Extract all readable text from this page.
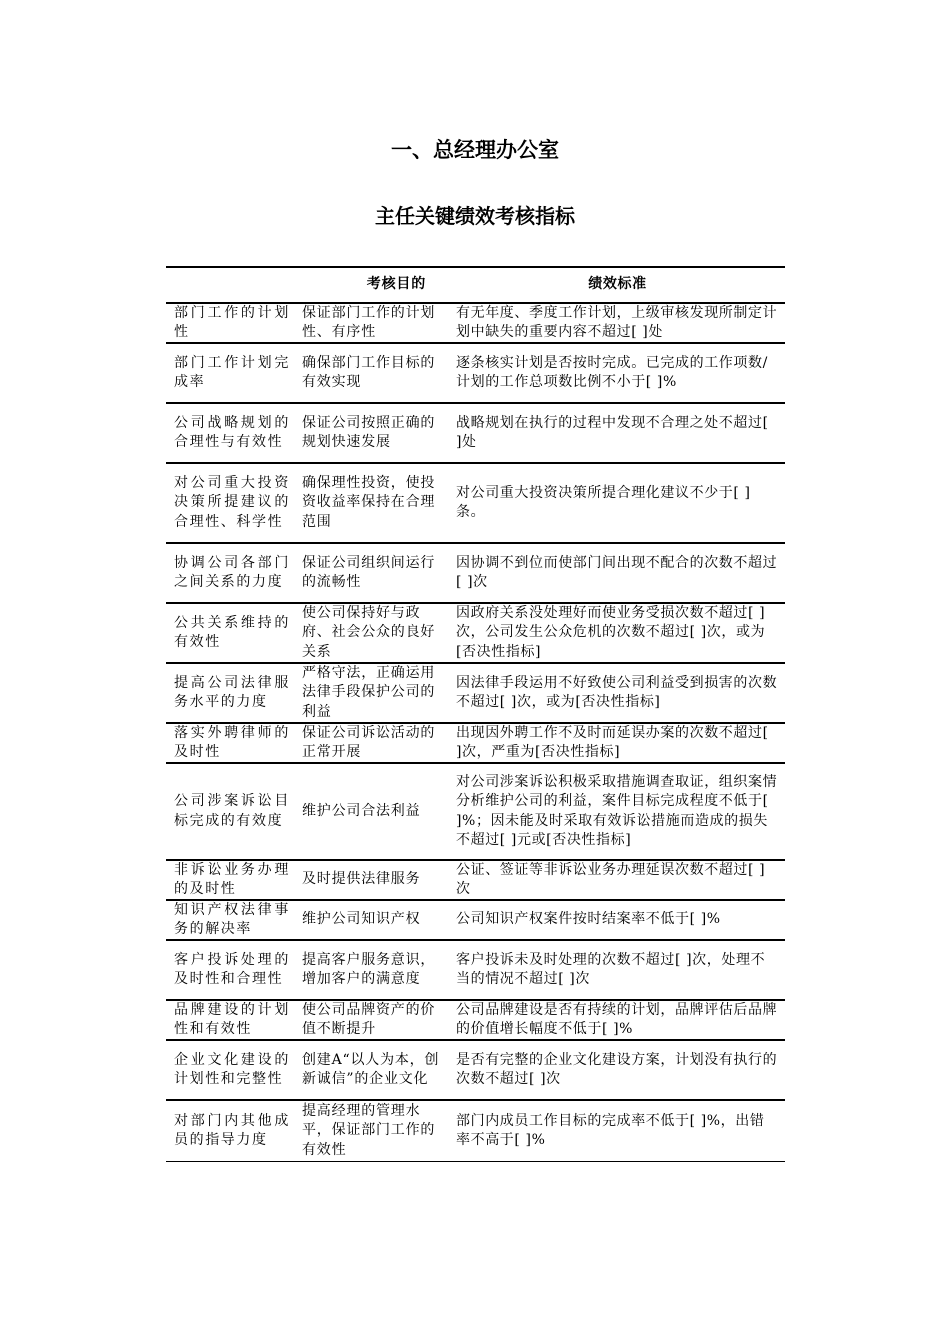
一、总经理办公室
主任关键绩效考核指标
考核目的	绩效标准
部门工作的计划性
保证部门工作的计划性、有序性
有无年度、季度工作计划，上级审核发现所制定计划中缺失的重要内容不超过[ ]处
部门工作计划完成率
确保部门工作目标的有效实现
逐条核实计划是否按时完成。已完成的工作项数/计划的工作总项数比例不小于[ ]%
公司战略规划的合理性与有效性
保证公司按照正确的规划快速发展
战略规划在执行的过程中发现不合理之处不超过[ ]处
对公司重大投资决策所提建议的合理性、科学性
确保理性投资，使投资收益率保持在合理范围
对公司重大投资决策所提合理化建议不少于[ ]条。
协调公司各部门之间关系的力度
保证公司组织间运行的流畅性
因协调不到位而使部门间出现不配合的次数不超过[ ]次
公共关系维持的有效性
使公司保持好与政府、社会公众的良好关系
因政府关系没处理好而使业务受损次数不超过[ ]次，公司发生公众危机的次数不超过[ ]次，或为[否决性指标]
提高公司法律服务水平的力度
严格守法，正确运用法律手段保护公司的利益
因法律手段运用不好致使公司利益受到损害的次数不超过[ ]次，或为[否决性指标]
落实外聘律师的及时性
保证公司诉讼活动的正常开展
出现因外聘工作不及时而延误办案的次数不超过[ ]次，严重为[否决性指标]
公司涉案诉讼目标完成的有效度
维护公司合法利益
对公司涉案诉讼积极采取措施调查取证，组织案情分析维护公司的利益，案件目标完成程度不低于[ ]%；因未能及时采取有效诉讼措施而造成的损失不超过[ ]元或[否决性指标]
非诉讼业务办理的及时性
及时提供法律服务
公证、签证等非诉讼业务办理延误次数不超过[ ]次
知识产权法律事务的解决率
维护公司知识产权	公司知识产权案件按时结案率不低于[ ]%
客户投诉处理的及时性和合理性
提高客户服务意识，增加客户的满意度
客户投诉未及时处理的次数不超过[ ]次，处理不当的情况不超过[ ]次
品牌建设的计划性和有效性
使公司品牌资产的价值不断提升
公司品牌建设是否有持续的计划，品牌评估后品牌的价值增长幅度不低于[ ]%
企业文化建设的计划性和完整性
创建A“以人为本，创新诚信”的企业文化
是否有完整的企业文化建设方案，计划没有执行的次数不超过[ ]次
对部门内其他成员的指导力度
提高经理的管理水平，保证部门工作的有效性
部门内成员工作目标的完成率不低于[ ]%，出错率不高于[ ]%
